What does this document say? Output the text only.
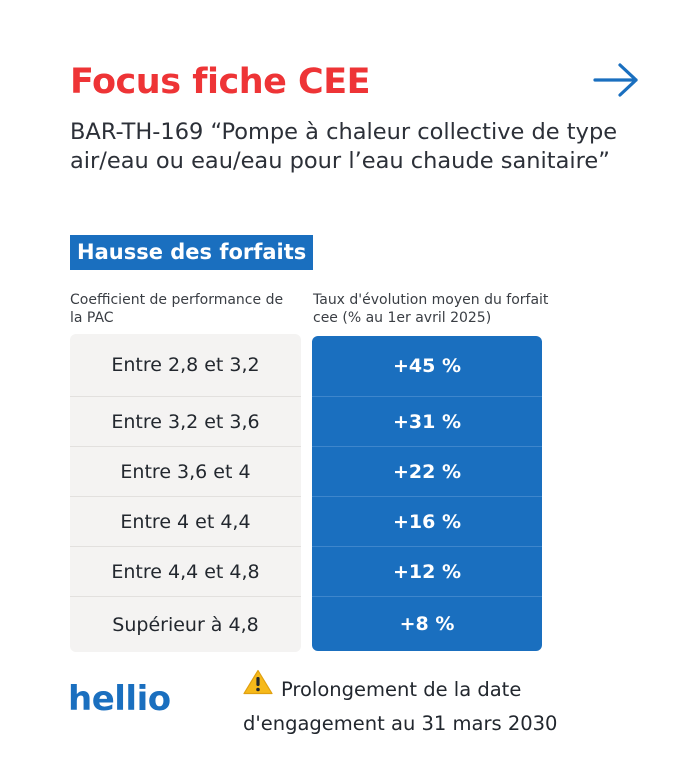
Focus fiche CEE

BAR-TH-169 “Pompe à chaleur collective de type air/eau ou eau/eau pour l’eau chaude sanitaire”

Hausse des forfaits
Coefficient de performance de la PAC
Taux d'évolution moyen du forfait cee (% au 1er avril 2025)
Entre 2,8 et 3,2
Entre 3,2 et 3,6
Entre 3,6 et 4
Entre 4 et 4,4
Entre 4,4 et 4,8
Supérieur à 4,8
+45 %
+31 %
+22 %
+16 %
+12 %
+8 %
hellio	Prolongement de la date d'engagement au 31 mars 2030
